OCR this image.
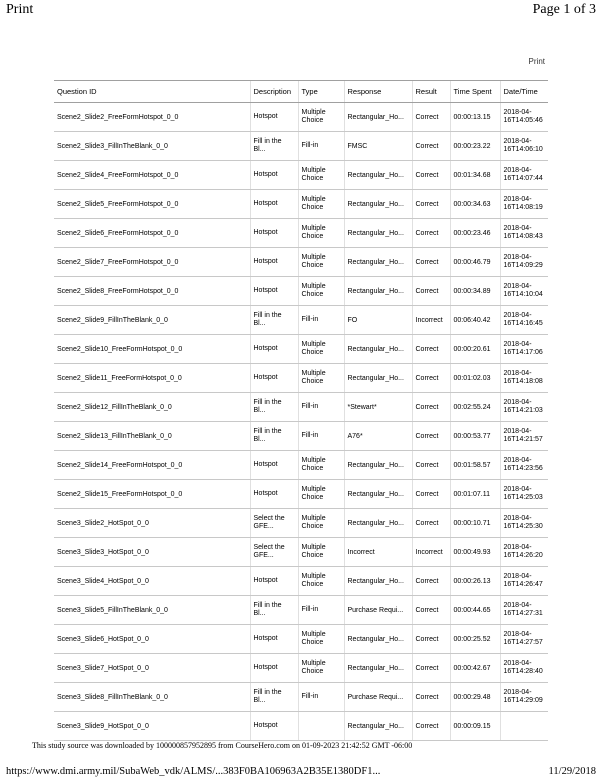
Print	Page 1 of 3
Print
Question ID	Description	Type	Response	Result	Time Spent	Date/Time
Scene2_Slide2_FreeFormHotspot_0_0	Hotspot	Multiple Choice	Rectangular_Ho...	Correct	00:00:13.15	2018-04-16T14:05:46
Scene2_Slide3_FillInTheBlank_0_0	Fill in the Bl...	Fill-in	FMSC	Correct	00:00:23.22	2018-04-16T14:06:10
Scene2_Slide4_FreeFormHotspot_0_0	Hotspot	Multiple Choice	Rectangular_Ho...	Correct	00:01:34.68	2018-04-16T14:07:44
Scene2_Slide5_FreeFormHotspot_0_0	Hotspot	Multiple Choice	Rectangular_Ho...	Correct	00:00:34.63	2018-04-16T14:08:19
Scene2_Slide6_FreeFormHotspot_0_0	Hotspot	Multiple Choice	Rectangular_Ho...	Correct	00:00:23.46	2018-04-16T14:08:43
Scene2_Slide7_FreeFormHotspot_0_0	Hotspot	Multiple Choice	Rectangular_Ho...	Correct	00:00:46.79	2018-04-16T14:09:29
Scene2_Slide8_FreeFormHotspot_0_0	Hotspot	Multiple Choice	Rectangular_Ho...	Correct	00:00:34.89	2018-04-16T14:10:04
Scene2_Slide9_FillInTheBlank_0_0	Fill in the Bl...	Fill-in	FO	Incorrect	00:06:40.42	2018-04-16T14:16:45
Scene2_Slide10_FreeFormHotspot_0_0	Hotspot	Multiple Choice	Rectangular_Ho...	Correct	00:00:20.61	2018-04-16T14:17:06
Scene2_Slide11_FreeFormHotspot_0_0	Hotspot	Multiple Choice	Rectangular_Ho...	Correct	00:01:02.03	2018-04-16T14:18:08
Scene2_Slide12_FillInTheBlank_0_0	Fill in the Bl...	Fill-in	*Stewart*	Correct	00:02:55.24	2018-04-16T14:21:03
Scene2_Slide13_FillInTheBlank_0_0	Fill in the Bl...	Fill-in	A76*	Correct	00:00:53.77	2018-04-16T14:21:57
Scene2_Slide14_FreeFormHotspot_0_0	Hotspot	Multiple Choice	Rectangular_Ho...	Correct	00:01:58.57	2018-04-16T14:23:56
Scene2_Slide15_FreeFormHotspot_0_0	Hotspot	Multiple Choice	Rectangular_Ho...	Correct	00:01:07.11	2018-04-16T14:25:03
Scene3_Slide2_HotSpot_0_0	Select the GFE...	Multiple Choice	Rectangular_Ho...	Correct	00:00:10.71	2018-04-16T14:25:30
Scene3_Slide3_HotSpot_0_0	Select the GFE...	Multiple Choice	Incorrect	Incorrect	00:00:49.93	2018-04-16T14:26:20
Scene3_Slide4_HotSpot_0_0	Hotspot	Multiple Choice	Rectangular_Ho...	Correct	00:00:26.13	2018-04-16T14:26:47
Scene3_Slide5_FillInTheBlank_0_0	Fill in the Bl...	Fill-in	Purchase Requi...	Correct	00:00:44.65	2018-04-16T14:27:31
Scene3_Slide6_HotSpot_0_0	Hotspot	Multiple Choice	Rectangular_Ho...	Correct	00:00:25.52	2018-04-16T14:27:57
Scene3_Slide7_HotSpot_0_0	Hotspot	Multiple Choice	Rectangular_Ho...	Correct	00:00:42.67	2018-04-16T14:28:40
Scene3_Slide8_FillInTheBlank_0_0	Fill in the Bl...	Fill-in	Purchase Requi...	Correct	00:00:29.48	2018-04-16T14:29:09
Scene3_Slide9_HotSpot_0_0	Hotspot		Rectangular_Ho...	Correct	00:00:09.15	
This study source was downloaded by 100000857952895 from CourseHero.com on 01-09-2023 21:42:52 GMT -06:00
https://www.dmi.army.mil/SubaWeb_vdk/ALMS/...383F0BA106963A2B35E1380DF1...	11/29/2018
